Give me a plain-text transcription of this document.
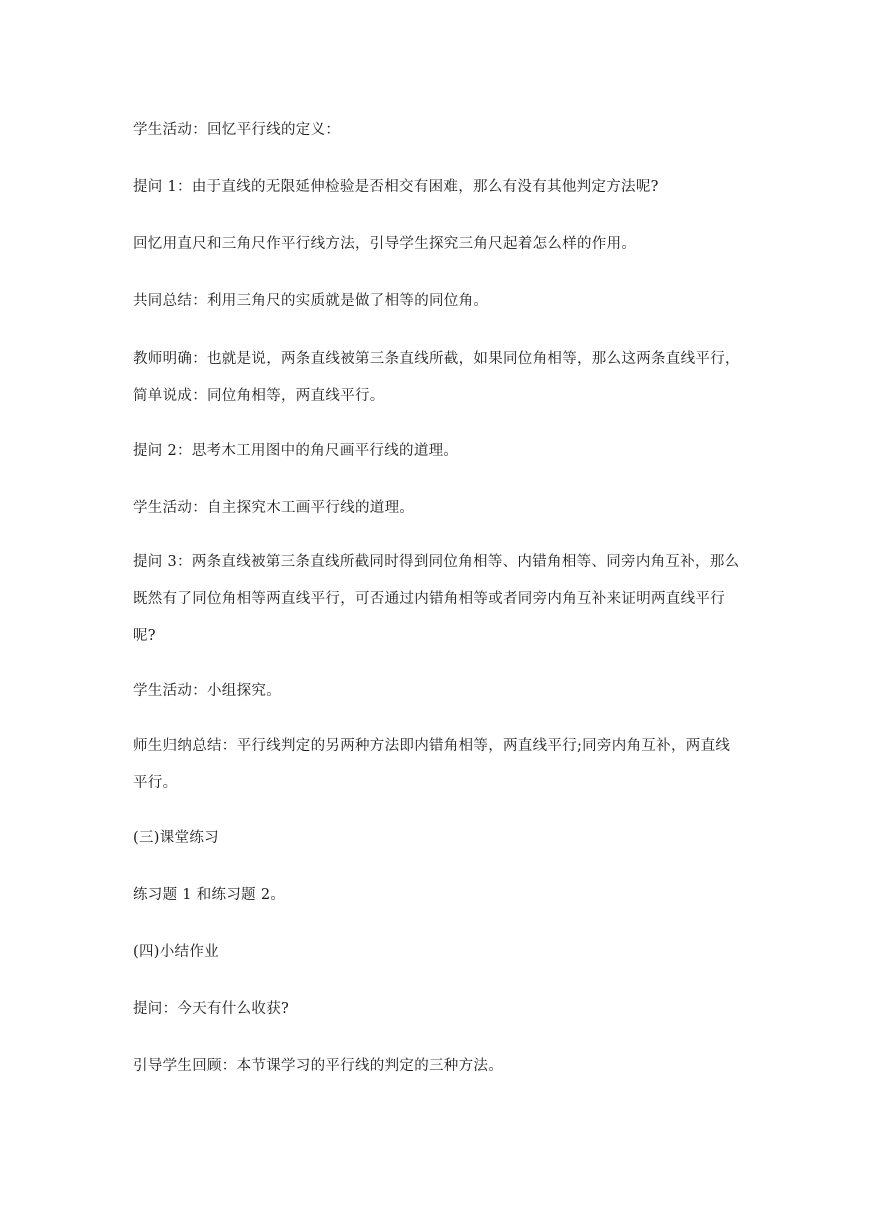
学生活动：回忆平行线的定义：

提问 1：由于直线的无限延伸检验是否相交有困难，那么有没有其他判定方法呢?

回忆用直尺和三角尺作平行线方法，引导学生探究三角尺起着怎么样的作用。

共同总结：利用三角尺的实质就是做了相等的同位角。

教师明确：也就是说，两条直线被第三条直线所截，如果同位角相等，那么这两条直线平行，简单说成：同位角相等，两直线平行。

提问 2：思考木工用图中的角尺画平行线的道理。

学生活动：自主探究木工画平行线的道理。

提问 3：两条直线被第三条直线所截同时得到同位角相等、内错角相等、同旁内角互补，那么既然有了同位角相等两直线平行，可否通过内错角相等或者同旁内角互补来证明两直线平行呢?

学生活动：小组探究。

师生归纳总结：平行线判定的另两种方法即内错角相等，两直线平行;同旁内角互补，两直线平行。

(三)课堂练习

练习题 1 和练习题 2。

(四)小结作业

提问：今天有什么收获?

引导学生回顾：本节课学习的平行线的判定的三种方法。
